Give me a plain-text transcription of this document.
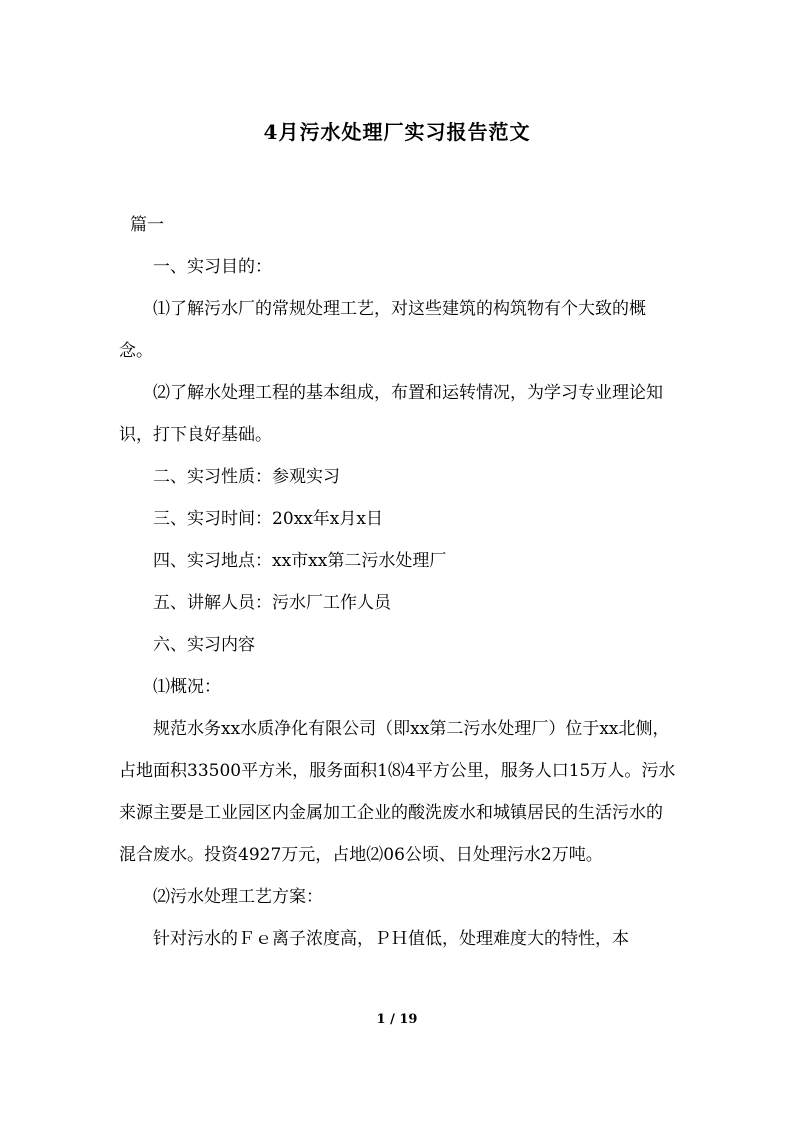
4月污水处理厂实习报告范文

篇一

一、实习目的：

⑴了解污水厂的常规处理工艺，对这些建筑的构筑物有个大致的概念。

⑵了解水处理工程的基本组成，布置和运转情况，为学习专业理论知识，打下良好基础。

二、实习性质：参观实习

三、实习时间：20xx年x月x日

四、实习地点：xx市xx第二污水处理厂

五、讲解人员：污水厂工作人员

六、实习内容

⑴概况：

规范水务xx水质净化有限公司（即xx第二污水处理厂）位于xx北侧，占地面积33500平方米，服务面积1⑻4平方公里，服务人口15万人。污水来源主要是工业园区内金属加工企业的酸洗废水和城镇居民的生活污水的混合废水。投资4927万元，占地⑵06公顷、日处理污水2万吨。

⑵污水处理工艺方案：

针对污水的Ｆｅ离子浓度高，ＰＨ值低，处理难度大的特性，本

1 / 19
